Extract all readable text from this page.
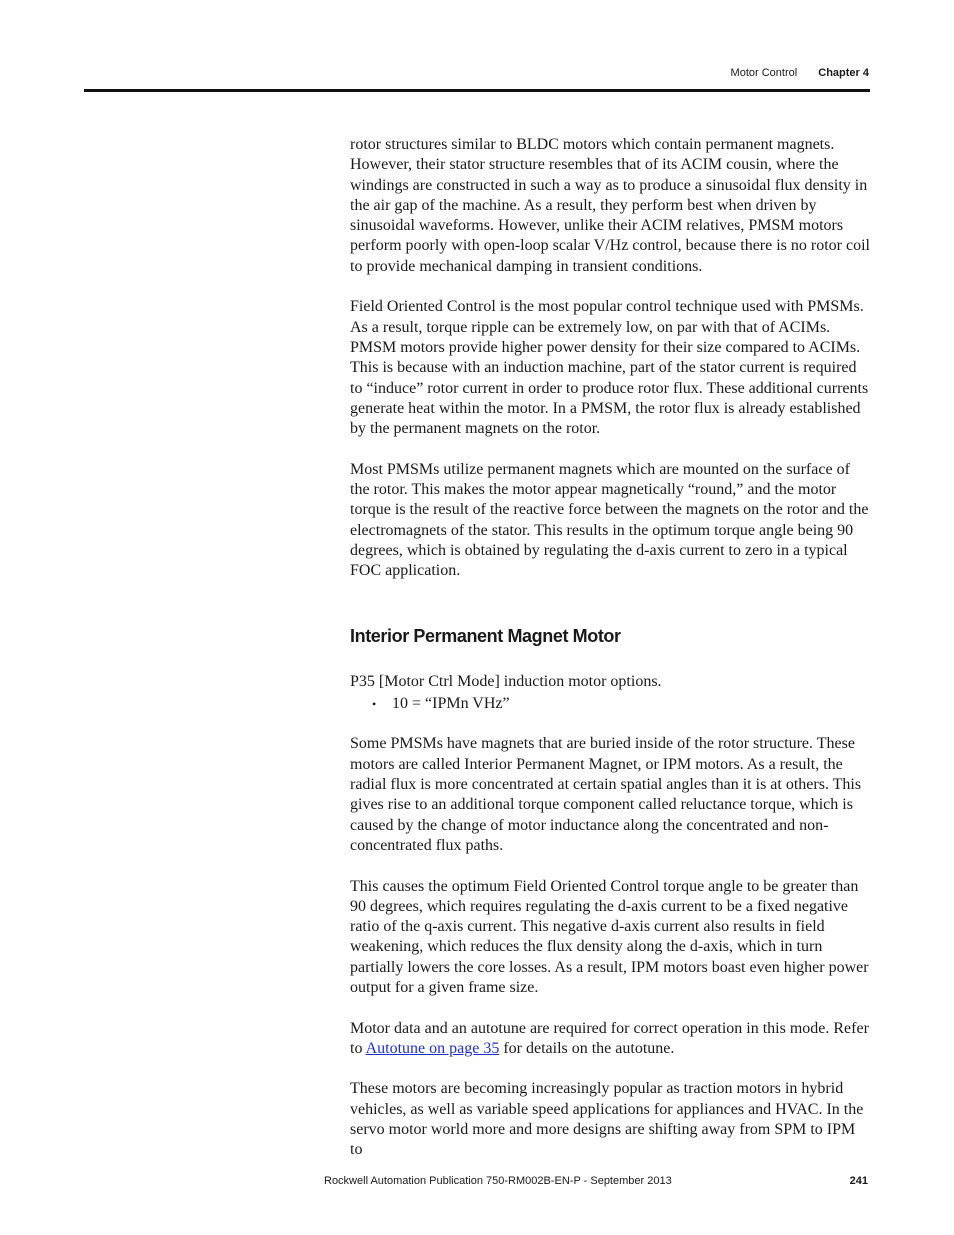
Motor Control Chapter 4

rotor structures similar to BLDC motors which contain permanent magnets. However, their stator structure resembles that of its ACIM cousin, where the windings are constructed in such a way as to produce a sinusoidal flux density in the air gap of the machine. As a result, they perform best when driven by sinusoidal waveforms. However, unlike their ACIM relatives, PMSM motors perform poorly with open-loop scalar V/Hz control, because there is no rotor coil to provide mechanical damping in transient conditions.

Field Oriented Control is the most popular control technique used with PMSMs. As a result, torque ripple can be extremely low, on par with that of ACIMs. PMSM motors provide higher power density for their size compared to ACIMs. This is because with an induction machine, part of the stator current is required to “induce” rotor current in order to produce rotor flux. These additional currents generate heat within the motor. In a PMSM, the rotor flux is already established by the permanent magnets on the rotor.

Most PMSMs utilize permanent magnets which are mounted on the surface of the rotor. This makes the motor appear magnetically “round,” and the motor torque is the result of the reactive force between the magnets on the rotor and the electromagnets of the stator. This results in the optimum torque angle being 90 degrees, which is obtained by regulating the d-axis current to zero in a typical FOC application.

Interior Permanent Magnet Motor

P35 [Motor Ctrl Mode] induction motor options.

• 10 = “IPMn VHz”

Some PMSMs have magnets that are buried inside of the rotor structure. These motors are called Interior Permanent Magnet, or IPM motors. As a result, the radial flux is more concentrated at certain spatial angles than it is at others. This gives rise to an additional torque component called reluctance torque, which is caused by the change of motor inductance along the concentrated and non-concentrated flux paths.

This causes the optimum Field Oriented Control torque angle to be greater than 90 degrees, which requires regulating the d-axis current to be a fixed negative ratio of the q-axis current. This negative d-axis current also results in field weakening, which reduces the flux density along the d-axis, which in turn partially lowers the core losses. As a result, IPM motors boast even higher power output for a given frame size.

Motor data and an autotune are required for correct operation in this mode. Refer to Autotune on page 35 for details on the autotune.

These motors are becoming increasingly popular as traction motors in hybrid vehicles, as well as variable speed applications for appliances and HVAC. In the servo motor world more and more designs are shifting away from SPM to IPM to

Rockwell Automation Publication 750-RM002B-EN-P - September 2013	241
